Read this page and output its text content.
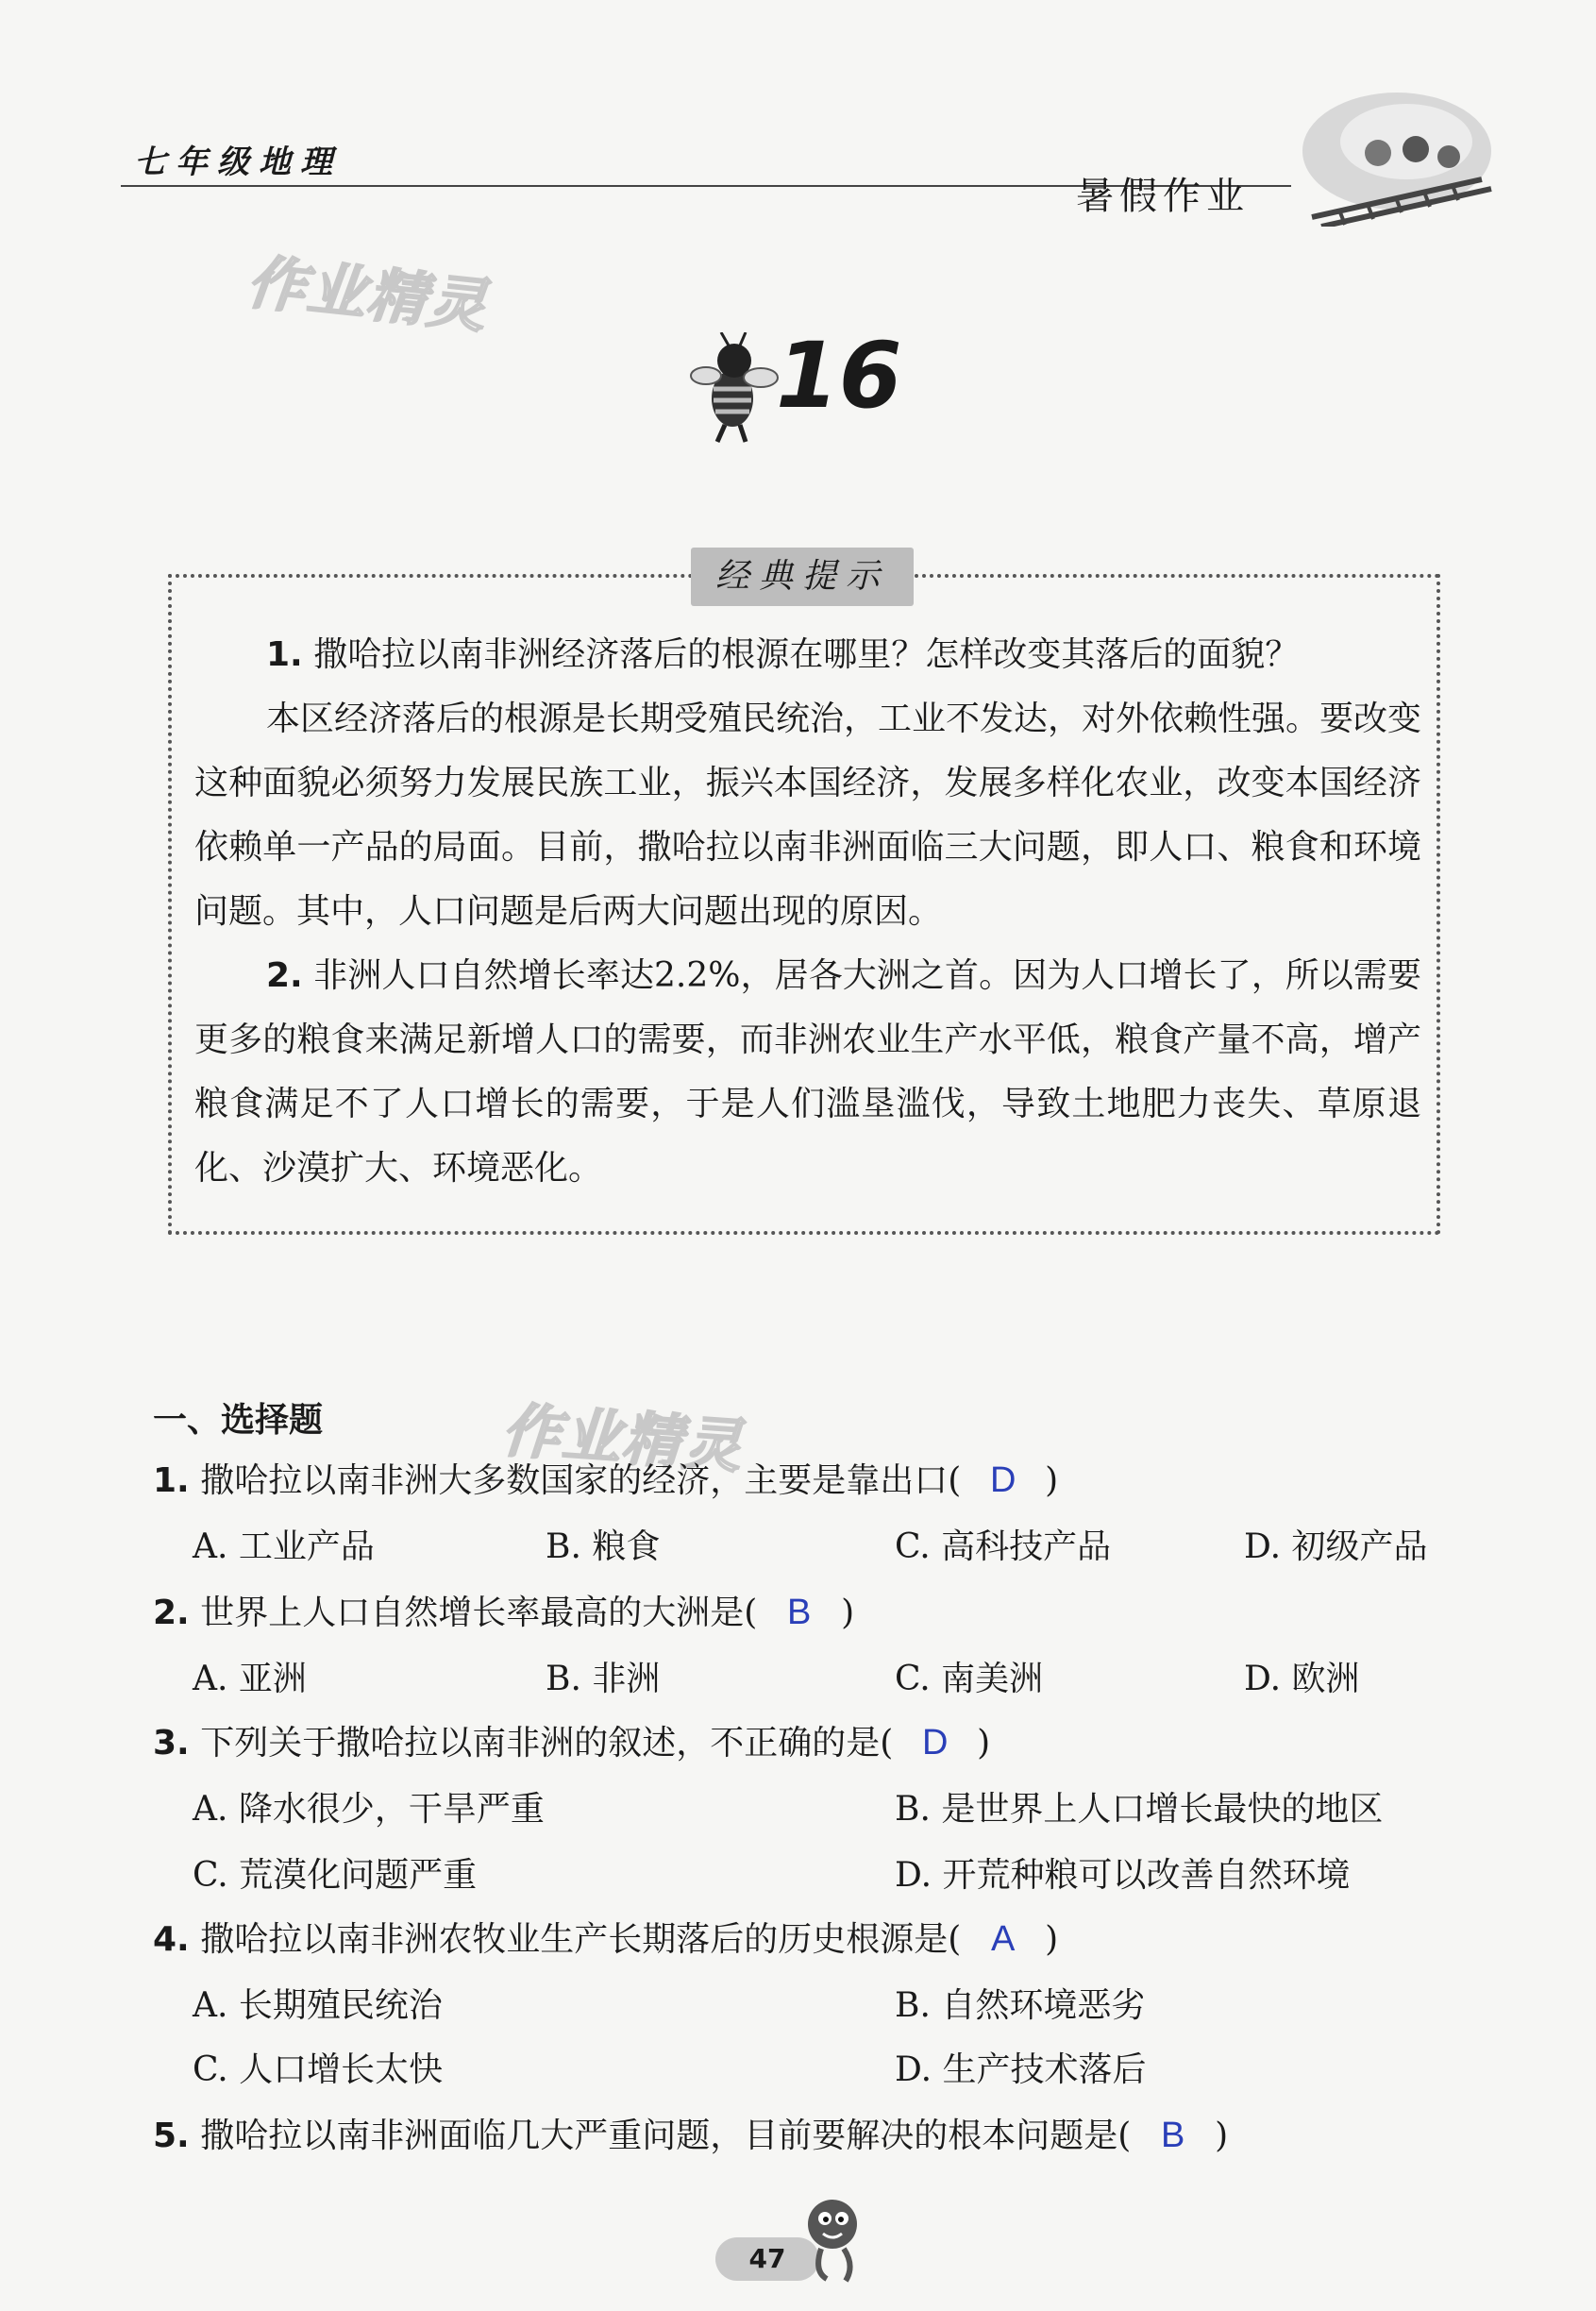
七年级地理
暑假作业
作业精灵
作业精灵
16
经典提示
1. 撒哈拉以南非洲经济落后的根源在哪里？怎样改变其落后的面貌？
本区经济落后的根源是长期受殖民统治，工业不发达，对外依赖性强。要改变这种面貌必须努力发展民族工业，振兴本国经济，发展多样化农业，改变本国经济依赖单一产品的局面。目前，撒哈拉以南非洲面临三大问题，即人口、粮食和环境问题。其中，人口问题是后两大问题出现的原因。
2. 非洲人口自然增长率达2.2%，居各大洲之首。因为人口增长了，所以需要更多的粮食来满足新增人口的需要，而非洲农业生产水平低，粮食产量不高，增产粮食满足不了人口增长的需要，于是人们滥垦滥伐，导致土地肥力丧失、草原退化、沙漠扩大、环境恶化。
一、选择题
1. 撒哈拉以南非洲大多数国家的经济，主要是靠出口( D )
A. 工业产品	B. 粮食	C. 高科技产品	D. 初级产品
2. 世界上人口自然增长率最高的大洲是( B )
A. 亚洲	B. 非洲	C. 南美洲	D. 欧洲
3. 下列关于撒哈拉以南非洲的叙述，不正确的是( D )
A. 降水很少，干旱严重	B. 是世界上人口增长最快的地区
C. 荒漠化问题严重	D. 开荒种粮可以改善自然环境
4. 撒哈拉以南非洲农牧业生产长期落后的历史根源是( A )
A. 长期殖民统治	B. 自然环境恶劣
C. 人口增长太快	D. 生产技术落后
5. 撒哈拉以南非洲面临几大严重问题，目前要解决的根本问题是( B )
47
